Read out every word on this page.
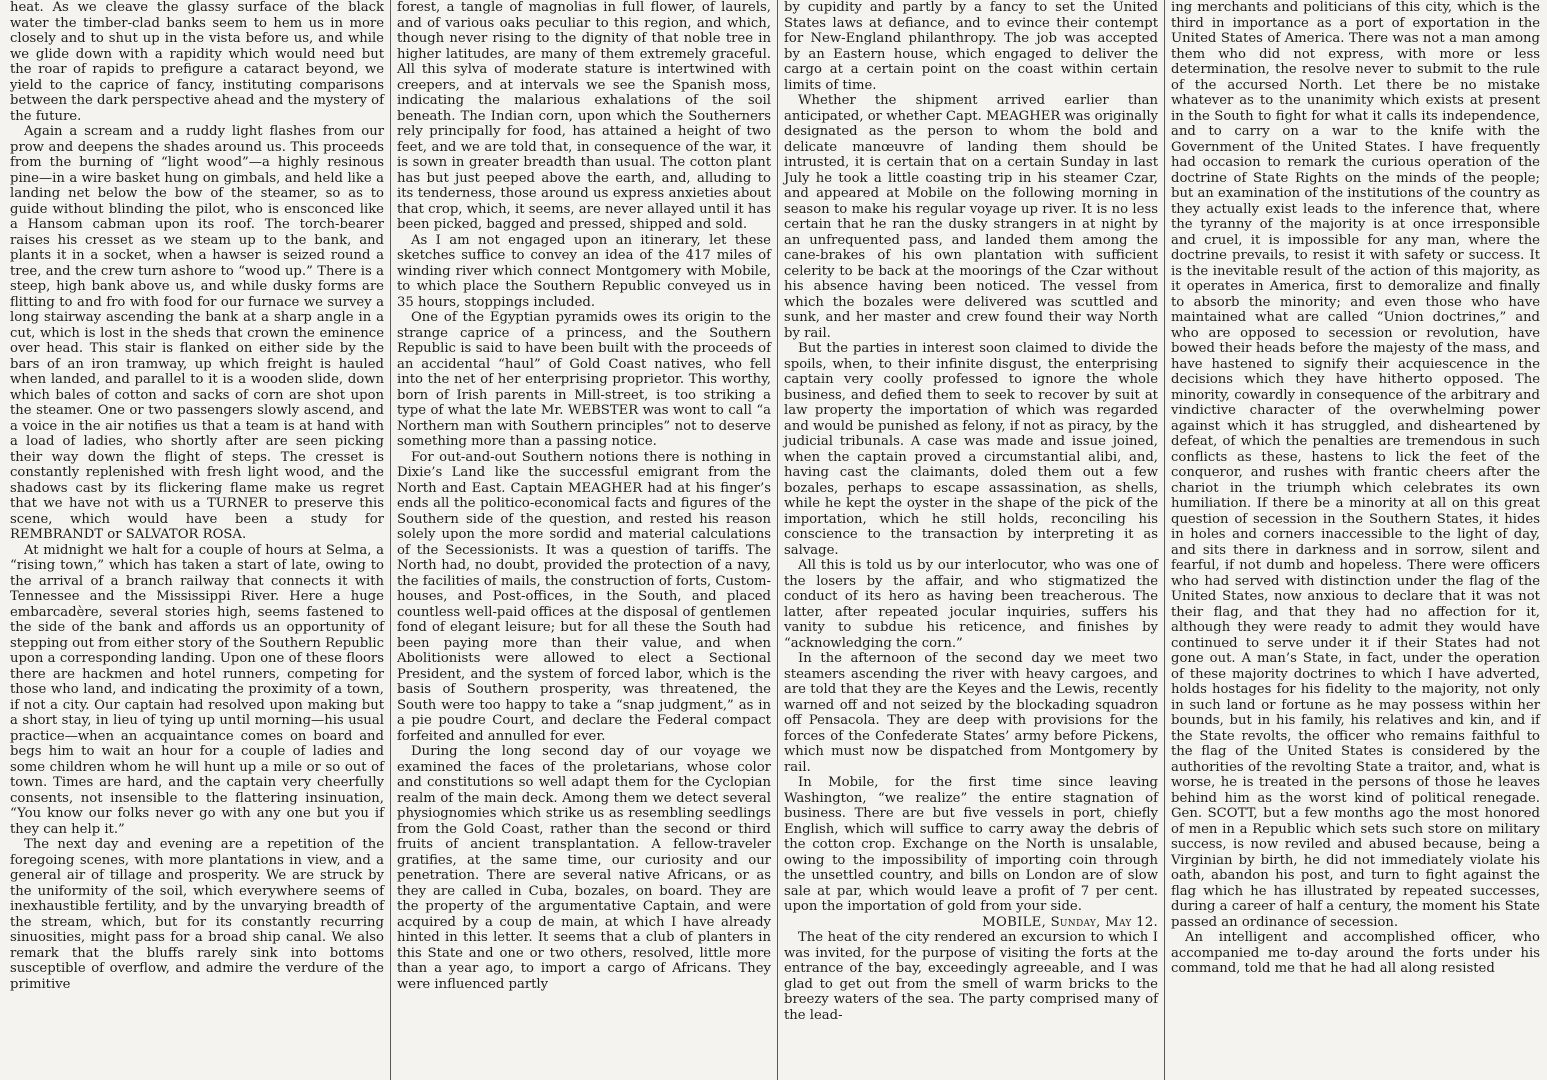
heat. As we cleave the glassy surface of the black water the timber-clad banks seem to hem us in more closely and to shut up in the vista before us, and while we glide down with a rapidity which would need but the roar of rapids to prefigure a cataract beyond, we yield to the caprice of fancy, instituting comparisons between the dark perspective ahead and the mystery of the future.

Again a scream and a ruddy light flashes from our prow and deepens the shades around us. This proceeds from the burning of “light wood”—a highly resinous pine—in a wire basket hung on gimbals, and held like a landing net below the bow of the steamer, so as to guide without blinding the pilot, who is ensconced like a Hansom cabman upon its roof. The torch-bearer raises his cresset as we steam up to the bank, and plants it in a socket, when a hawser is seized round a tree, and the crew turn ashore to “wood up.” There is a steep, high bank above us, and while dusky forms are flitting to and fro with food for our furnace we survey a long stairway ascending the bank at a sharp angle in a cut, which is lost in the sheds that crown the eminence over head. This stair is flanked on either side by the bars of an iron tramway, up which freight is hauled when landed, and parallel to it is a wooden slide, down which bales of cotton and sacks of corn are shot upon the steamer. One or two passengers slowly ascend, and a voice in the air notifies us that a team is at hand with a load of ladies, who shortly after are seen picking their way down the flight of steps. The cresset is constantly replenished with fresh light wood, and the shadows cast by its flickering flame make us regret that we have not with us a TURNER to preserve this scene, which would have been a study for REMBRANDT or SALVATOR ROSA.

At midnight we halt for a couple of hours at Selma, a “rising town,” which has taken a start of late, owing to the arrival of a branch railway that connects it with Tennessee and the Mississippi River. Here a huge embarcadère, several stories high, seems fastened to the side of the bank and affords us an opportunity of stepping out from either story of the Southern Republic upon a corresponding landing. Upon one of these floors there are hackmen and hotel runners, competing for those who land, and indicating the proximity of a town, if not a city. Our captain had resolved upon making but a short stay, in lieu of tying up until morning—his usual practice—when an acquaintance comes on board and begs him to wait an hour for a couple of ladies and some children whom he will hunt up a mile or so out of town. Times are hard, and the captain very cheerfully consents, not insensible to the flattering insinuation, “You know our folks never go with any one but you if they can help it.”

The next day and evening are a repetition of the foregoing scenes, with more plantations in view, and a general air of tillage and prosperity. We are struck by the uniformity of the soil, which everywhere seems of inexhaustible fertility, and by the unvarying breadth of the stream, which, but for its constantly recurring sinuosities, might pass for a broad ship canal. We also remark that the bluffs rarely sink into bottoms susceptible of overflow, and admire the verdure of the primitive

forest, a tangle of magnolias in full flower, of laurels, and of various oaks peculiar to this region, and which, though never rising to the dignity of that noble tree in higher latitudes, are many of them extremely graceful. All this sylva of moderate stature is intertwined with creepers, and at intervals we see the Spanish moss, indicating the malarious exhalations of the soil beneath. The Indian corn, upon which the Southerners rely principally for food, has attained a height of two feet, and we are told that, in consequence of the war, it is sown in greater breadth than usual. The cotton plant has but just peeped above the earth, and, alluding to its tenderness, those around us express anxieties about that crop, which, it seems, are never allayed until it has been picked, bagged and pressed, shipped and sold.

As I am not engaged upon an itinerary, let these sketches suffice to convey an idea of the 417 miles of winding river which connect Montgomery with Mobile, to which place the Southern Republic conveyed us in 35 hours, stoppings included.

One of the Egyptian pyramids owes its origin to the strange caprice of a princess, and the Southern Republic is said to have been built with the proceeds of an accidental “haul” of Gold Coast natives, who fell into the net of her enterprising proprietor. This worthy, born of Irish parents in Mill-street, is too striking a type of what the late Mr. WEBSTER was wont to call “a Northern man with Southern principles” not to deserve something more than a passing notice.

For out-and-out Southern notions there is nothing in Dixie’s Land like the successful emigrant from the North and East. Captain MEAGHER had at his finger’s ends all the politico-economical facts and figures of the Southern side of the question, and rested his reason solely upon the more sordid and material calculations of the Secessionists. It was a question of tariffs. The North had, no doubt, provided the protection of a navy, the facilities of mails, the construction of forts, Custom-houses, and Post-offices, in the South, and placed countless well-paid offices at the disposal of gentlemen fond of elegant leisure; but for all these the South had been paying more than their value, and when Abolitionists were allowed to elect a Sectional President, and the system of forced labor, which is the basis of Southern prosperity, was threatened, the South were too happy to take a “snap judgment,” as in a pie poudre Court, and declare the Federal compact forfeited and annulled for ever.

During the long second day of our voyage we examined the faces of the proletarians, whose color and constitutions so well adapt them for the Cyclopian realm of the main deck. Among them we detect several physiognomies which strike us as resembling seedlings from the Gold Coast, rather than the second or third fruits of ancient transplantation. A fellow-traveler gratifies, at the same time, our curiosity and our penetration. There are several native Africans, or as they are called in Cuba, bozales, on board. They are the property of the argumentative Captain, and were acquired by a coup de main, at which I have already hinted in this letter. It seems that a club of planters in this State and one or two others, resolved, little more than a year ago, to import a cargo of Africans. They were influenced partly

by cupidity and partly by a fancy to set the United States laws at defiance, and to evince their contempt for New-England philanthropy. The job was accepted by an Eastern house, which engaged to deliver the cargo at a certain point on the coast within certain limits of time.

Whether the shipment arrived earlier than anticipated, or whether Capt. MEAGHER was originally designated as the person to whom the bold and delicate manœuvre of landing them should be intrusted, it is certain that on a certain Sunday in last July he took a little coasting trip in his steamer Czar, and appeared at Mobile on the following morning in season to make his regular voyage up river. It is no less certain that he ran the dusky strangers in at night by an unfrequented pass, and landed them among the cane-brakes of his own plantation with sufficient celerity to be back at the moorings of the Czar without his absence having been noticed. The vessel from which the bozales were delivered was scuttled and sunk, and her master and crew found their way North by rail.

But the parties in interest soon claimed to divide the spoils, when, to their infinite disgust, the enterprising captain very coolly professed to ignore the whole business, and defied them to seek to recover by suit at law property the importation of which was regarded and would be punished as felony, if not as piracy, by the judicial tribunals. A case was made and issue joined, when the captain proved a circumstantial alibi, and, having cast the claimants, doled them out a few bozales, perhaps to escape assassination, as shells, while he kept the oyster in the shape of the pick of the importation, which he still holds, reconciling his conscience to the transaction by interpreting it as salvage.

All this is told us by our interlocutor, who was one of the losers by the affair, and who stigmatized the conduct of its hero as having been treacherous. The latter, after repeated jocular inquiries, suffers his vanity to subdue his reticence, and finishes by “acknowledging the corn.”

In the afternoon of the second day we meet two steamers ascending the river with heavy cargoes, and are told that they are the Keyes and the Lewis, recently warned off and not seized by the blockading squadron off Pensacola. They are deep with provisions for the forces of the Confederate States’ army before Pickens, which must now be dispatched from Montgomery by rail.

In Mobile, for the first time since leaving Washington, “we realize” the entire stagnation of business. There are but five vessels in port, chiefly English, which will suffice to carry away the debris of the cotton crop. Exchange on the North is unsalable, owing to the impossibility of importing coin through the unsettled country, and bills on London are of slow sale at par, which would leave a profit of 7 per cent. upon the importation of gold from your side.

MOBILE, Sunday, May 12.

The heat of the city rendered an excursion to which I was invited, for the purpose of visiting the forts at the entrance of the bay, exceedingly agreeable, and I was glad to get out from the smell of warm bricks to the breezy waters of the sea. The party comprised many of the lead-

ing merchants and politicians of this city, which is the third in importance as a port of exportation in the United States of America. There was not a man among them who did not express, with more or less determination, the resolve never to submit to the rule of the accursed North. Let there be no mistake whatever as to the unanimity which exists at present in the South to fight for what it calls its independence, and to carry on a war to the knife with the Government of the United States. I have frequently had occasion to remark the curious operation of the doctrine of State Rights on the minds of the people; but an examination of the institutions of the country as they actually exist leads to the inference that, where the tyranny of the majority is at once irresponsible and cruel, it is impossible for any man, where the doctrine prevails, to resist it with safety or success. It is the inevitable result of the action of this majority, as it operates in America, first to demoralize and finally to absorb the minority; and even those who have maintained what are called “Union doctrines,” and who are opposed to secession or revolution, have bowed their heads before the majesty of the mass, and have hastened to signify their acquiescence in the decisions which they have hitherto opposed. The minority, cowardly in consequence of the arbitrary and vindictive character of the overwhelming power against which it has struggled, and disheartened by defeat, of which the penalties are tremendous in such conflicts as these, hastens to lick the feet of the conqueror, and rushes with frantic cheers after the chariot in the triumph which celebrates its own humiliation. If there be a minority at all on this great question of secession in the Southern States, it hides in holes and corners inaccessible to the light of day, and sits there in darkness and in sorrow, silent and fearful, if not dumb and hopeless. There were officers who had served with distinction under the flag of the United States, now anxious to declare that it was not their flag, and that they had no affection for it, although they were ready to admit they would have continued to serve under it if their States had not gone out. A man’s State, in fact, under the operation of these majority doctrines to which I have adverted, holds hostages for his fidelity to the majority, not only in such land or fortune as he may possess within her bounds, but in his family, his relatives and kin, and if the State revolts, the officer who remains faithful to the flag of the United States is considered by the authorities of the revolting State a traitor, and, what is worse, he is treated in the persons of those he leaves behind him as the worst kind of political renegade. Gen. SCOTT, but a few months ago the most honored of men in a Republic which sets such store on military success, is now reviled and abused because, being a Virginian by birth, he did not immediately violate his oath, abandon his post, and turn to fight against the flag which he has illustrated by repeated successes, during a career of half a century, the moment his State passed an ordinance of secession.

An intelligent and accomplished officer, who accompanied me to-day around the forts under his command, told me that he had all along resisted
